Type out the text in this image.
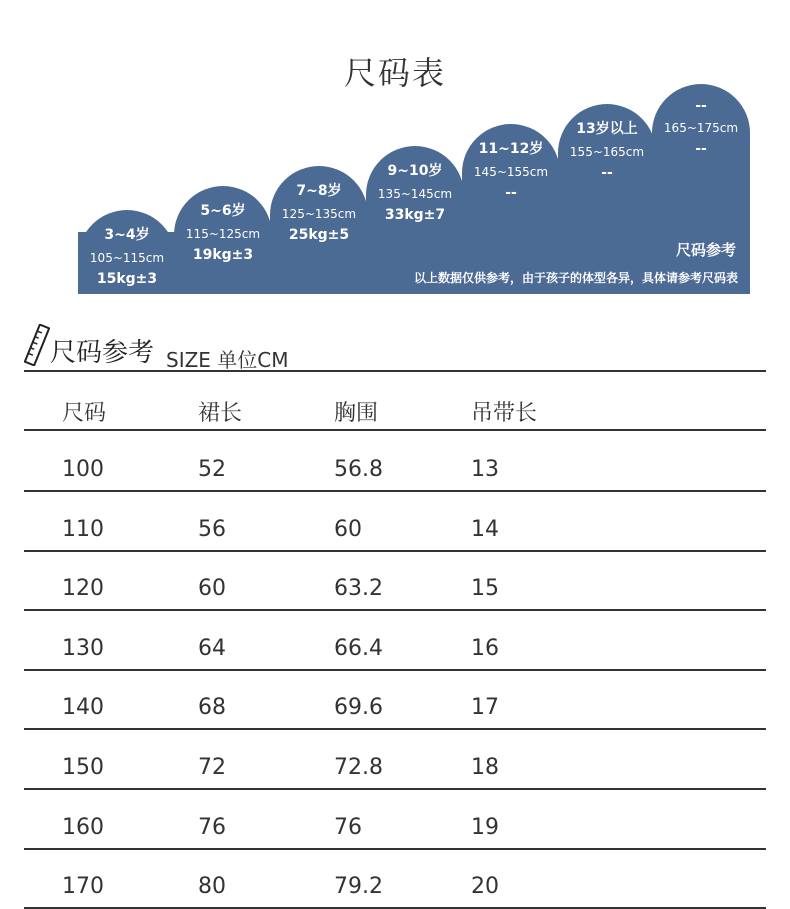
尺码表
3~4岁
105~115cm
15kg±3
5~6岁
115~125cm
19kg±3
7~8岁
125~135cm
25kg±5
9~10岁
135~145cm
33kg±7
11~12岁
145~155cm
--
13岁以上
155~165cm
--
--
165~175cm
--
尺码参考
以上数据仅供参考，由于孩子的体型各异，具体请参考尺码表
尺码参考 SIZE 单位CM
尺码	裙长	胸围	吊带长
100	52	56.8	13
110	56	60	14
120	60	63.2	15
130	64	66.4	16
140	68	69.6	17
150	72	72.8	18
160	76	76	19
170	80	79.2	20
